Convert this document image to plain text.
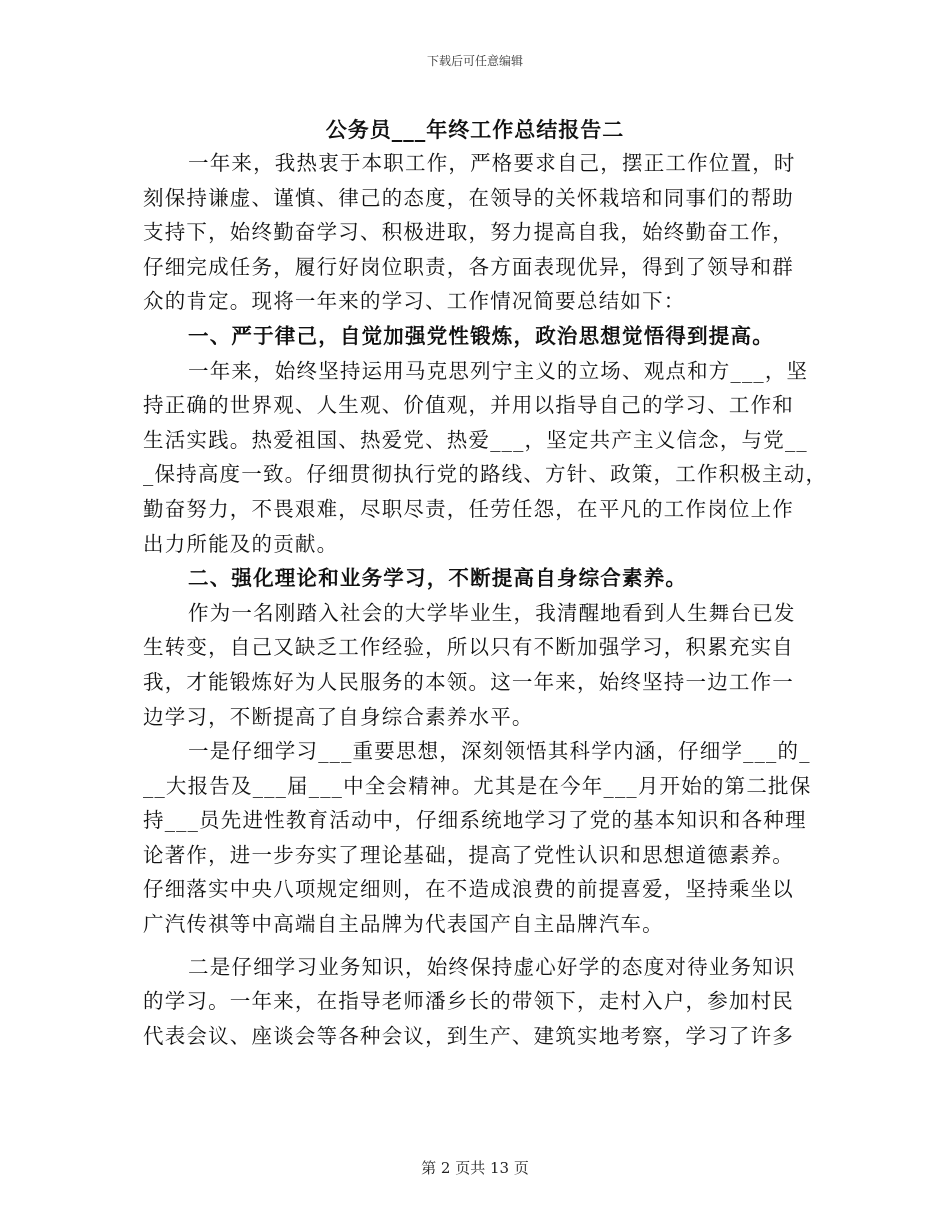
下载后可任意编辑
公务员___年终工作总结报告二
一年来，我热衷于本职工作，严格要求自己，摆正工作位置，时
刻保持谦虚、谨慎、律己的态度，在领导的关怀栽培和同事们的帮助
支持下，始终勤奋学习、积极进取，努力提高自我，始终勤奋工作，
仔细完成任务，履行好岗位职责，各方面表现优异，得到了领导和群
众的肯定。现将一年来的学习、工作情况简要总结如下：
一、严于律己，自觉加强党性锻炼，政治思想觉悟得到提高。
一年来，始终坚持运用马克思列宁主义的立场、观点和方___，坚
持正确的世界观、人生观、价值观，并用以指导自己的学习、工作和
生活实践。热爱祖国、热爱党、热爱___，坚定共产主义信念，与党__
_保持高度一致。仔细贯彻执行党的路线、方针、政策，工作积极主动，
勤奋努力，不畏艰难，尽职尽责，任劳任怨，在平凡的工作岗位上作
出力所能及的贡献。
二、强化理论和业务学习，不断提高自身综合素养。
作为一名刚踏入社会的大学毕业生，我清醒地看到人生舞台已发
生转变，自己又缺乏工作经验，所以只有不断加强学习，积累充实自
我，才能锻炼好为人民服务的本领。这一年来，始终坚持一边工作一
边学习，不断提高了自身综合素养水平。
一是仔细学习___重要思想，深刻领悟其科学内涵，仔细学___的_
__大报告及___届___中全会精神。尤其是在今年___月开始的第二批保
持___员先进性教育活动中，仔细系统地学习了党的基本知识和各种理
论著作，进一步夯实了理论基础，提高了党性认识和思想道德素养。
仔细落实中央八项规定细则，在不造成浪费的前提喜爱，坚持乘坐以
广汽传祺等中高端自主品牌为代表国产自主品牌汽车。
二是仔细学习业务知识，始终保持虚心好学的态度对待业务知识
的学习。一年来，在指导老师潘乡长的带领下，走村入户，参加村民
代表会议、座谈会等各种会议，到生产、建筑实地考察，学习了许多
第 2 页共 13 页
